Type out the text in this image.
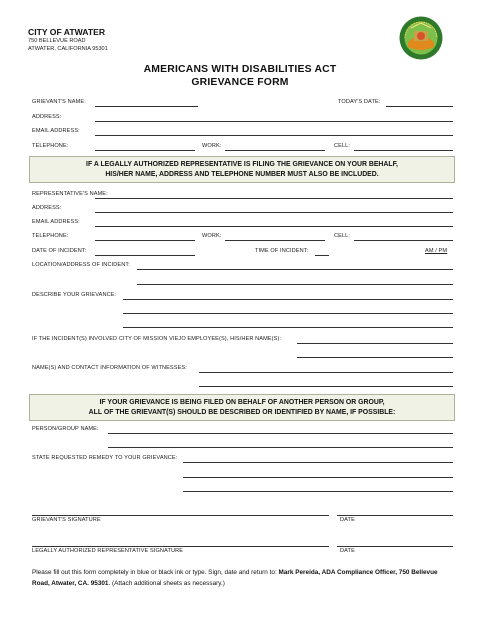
CITY OF ATWATER
750 BELLEVUE ROAD
ATWATER, CALIFORNIA 95301
AMERICANS WITH DISABILITIES ACT
GRIEVANCE FORM
GRIEVANT'S NAME:	TODAY'S DATE:
ADDRESS:
EMAIL ADDRESS:
TELEPHONE:	WORK:	CELL:
IF A LEGALLY AUTHORIZED REPRESENTATIVE IS FILING THE GRIEVANCE ON YOUR BEHALF,
HIS/HER NAME, ADDRESS AND TELEPHONE NUMBER MUST ALSO BE INCLUDED.
REPRESENTATIVE'S NAME:
ADDRESS:
EMAIL ADDRESS:
TELEPHONE:	WORK:	CELL:
DATE OF INCIDENT:	TIME OF INCIDENT:	AM / PM
LOCATION/ADDRESS OF INCIDENT:
DESCRIBE YOUR GRIEVANCE:
IF THE INCIDENT(S) INVOLVED CITY OF MISSION VIEJO EMPLOYEE(S), HIS/HER NAME(S):
NAME(S) AND CONTACT INFORMATION OF WITNESSES:
IF YOUR GRIEVANCE IS BEING FILED ON BEHALF OF ANOTHER PERSON OR GROUP,
ALL OF THE GRIEVANT(S) SHOULD BE DESCRIBED OR IDENTIFIED BY NAME, IF POSSIBLE:
PERSON/GROUP NAME:
STATE REQUESTED REMEDY TO YOUR GRIEVANCE:
GRIEVANT'S SIGNATURE	DATE
LEGALLY AUTHORIZED REPRESENTATIVE SIGNATURE	DATE
Please fill out this form completely in blue or black ink or type. Sign, date and return to: Mark Pereida, ADA Compliance Officer, 750 Bellevue Road, Atwater, CA. 95301. (Attach additional sheets as necessary.)
